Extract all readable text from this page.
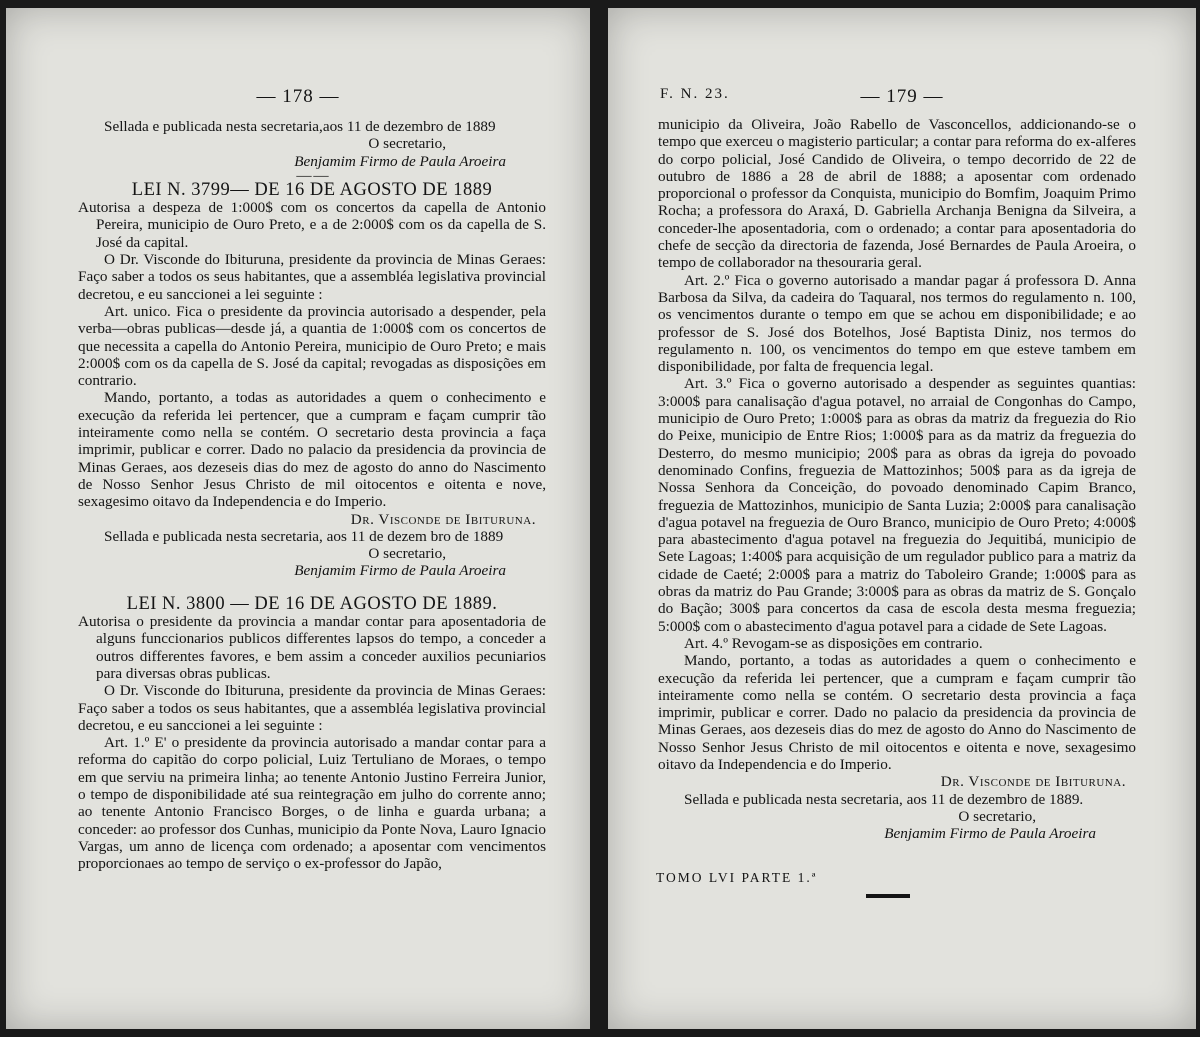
— 178 —

Sellada e publicada nesta secretaria,aos 11 de dezembro de 1889

O secretario,

Benjamim Firmo de Paula Aroeira

— —

LEI N. 3799— DE 16 DE AGOSTO DE 1889

Autorisa a despeza de 1:000$ com os concertos da capella de Antonio Pereira, municipio de Ouro Preto, e a de 2:000$ com os da capella de S. José da capital.

O Dr. Visconde do Ibituruna, presidente da provincia de Minas Geraes: Faço saber a todos os seus habitantes, que a assembléa legislativa provincial decretou, e eu sanccionei a lei seguinte :

Art. unico. Fica o presidente da provincia autorisado a despender, pela verba—obras publicas—desde já, a quantia de 1:000$ com os concertos de que necessita a capella do Antonio Pereira, municipio de Ouro Preto; e mais 2:000$ com os da capella de S. José da capital; revogadas as disposições em contrario.

Mando, portanto, a todas as autoridades a quem o conhecimento e execução da referida lei pertencer, que a cumpram e façam cumprir tão inteiramente como nella se contém. O secretario desta provincia a faça imprimir, publicar e correr. Dado no palacio da presidencia da provincia de Minas Geraes, aos dezeseis dias do mez de agosto do anno do Nascimento de Nosso Senhor Jesus Christo de mil oitocentos e oitenta e nove, sexagesimo oitavo da Independencia e do Imperio.

Dr. Visconde de Ibituruna.

Sellada e publicada nesta secretaria, aos 11 de dezem bro de 1889

O secretario,

Benjamim Firmo de Paula Aroeira

LEI N. 3800 — DE 16 DE AGOSTO DE 1889.

Autorisa o presidente da provincia a mandar contar para aposentadoria de alguns funccionarios publicos differentes lapsos do tempo, a conceder a outros differentes favores, e bem assim a conceder auxilios pecuniarios para diversas obras publicas.

O Dr. Visconde do Ibituruna, presidente da provincia de Minas Geraes: Faço saber a todos os seus habitantes, que a assembléa legislativa provincial decretou, e eu sanccionei a lei seguinte :

Art. 1.º E' o presidente da provincia autorisado a mandar contar para a reforma do capitão do corpo policial, Luiz Tertuliano de Moraes, o tempo em que serviu na primeira linha; ao tenente Antonio Justino Ferreira Junior, o tempo de disponibilidade até sua reintegração em julho do corrente anno; ao tenente Antonio Francisco Borges, o de linha e guarda urbana; a conceder: ao professor dos Cunhas, municipio da Ponte Nova, Lauro Ignacio Vargas, um anno de licença com ordenado; a aposentar com vencimentos proporcionaes ao tempo de serviço o ex-professor do Japão,

F. N. 23.	— 179 —

municipio da Oliveira, João Rabello de Vasconcellos, addicionando-se o tempo que exerceu o magisterio particular; a contar para reforma do ex-alferes do corpo policial, José Candido de Oliveira, o tempo decorrido de 22 de outubro de 1886 a 28 de abril de 1888; a aposentar com ordenado proporcional o professor da Conquista, municipio do Bomfim, Joaquim Primo Rocha; a professora do Araxá, D. Gabriella Archanja Benigna da Silveira, a conceder-lhe aposentadoria, com o ordenado; a contar para aposentadoria do chefe de secção da directoria de fazenda, José Bernardes de Paula Aroeira, o tempo de collaborador na thesouraria geral.

Art. 2.º Fica o governo autorisado a mandar pagar á professora D. Anna Barbosa da Silva, da cadeira do Taquaral, nos termos do regulamento n. 100, os vencimentos durante o tempo em que se achou em disponibilidade; e ao professor de S. José dos Botelhos, José Baptista Diniz, nos termos do regulamento n. 100, os vencimentos do tempo em que esteve tambem em disponibilidade, por falta de frequencia legal.

Art. 3.º Fica o governo autorisado a despender as seguintes quantias: 3:000$ para canalisação d'agua potavel, no arraial de Congonhas do Campo, municipio de Ouro Preto; 1:000$ para as obras da matriz da freguezia do Rio do Peixe, municipio de Entre Rios; 1:000$ para as da matriz da freguezia do Desterro, do mesmo municipio; 200$ para as obras da igreja do povoado denominado Confins, freguezia de Mattozinhos; 500$ para as da igreja de Nossa Senhora da Conceição, do povoado denominado Capim Branco, freguezia de Mattozinhos, municipio de Santa Luzia; 2:000$ para canalisação d'agua potavel na freguezia de Ouro Branco, municipio de Ouro Preto; 4:000$ para abastecimento d'agua potavel na freguezia do Jequitibá, municipio de Sete Lagoas; 1:400$ para acquisição de um regulador publico para a matriz da cidade de Caeté; 2:000$ para a matriz do Taboleiro Grande; 1:000$ para as obras da matriz do Pau Grande; 3:000$ para as obras da matriz de S. Gonçalo do Bação; 300$ para concertos da casa de escola desta mesma freguezia; 5:000$ com o abastecimento d'agua potavel para a cidade de Sete Lagoas.

Art. 4.º Revogam-se as disposições em contrario.

Mando, portanto, a todas as autoridades a quem o conhecimento e execução da referida lei pertencer, que a cumpram e façam cumprir tão inteiramente como nella se contém. O secretario desta provincia a faça imprimir, publicar e correr. Dado no palacio da presidencia da provincia de Minas Geraes, aos dezeseis dias do mez de agosto do Anno do Nascimento de Nosso Senhor Jesus Christo de mil oitocentos e oitenta e nove, sexagesimo oitavo da Independencia e do Imperio.

Dr. Visconde de Ibituruna.

Sellada e publicada nesta secretaria, aos 11 de dezembro de 1889.

O secretario,

Benjamim Firmo de Paula Aroeira

TOMO LVI PARTE 1.ª
